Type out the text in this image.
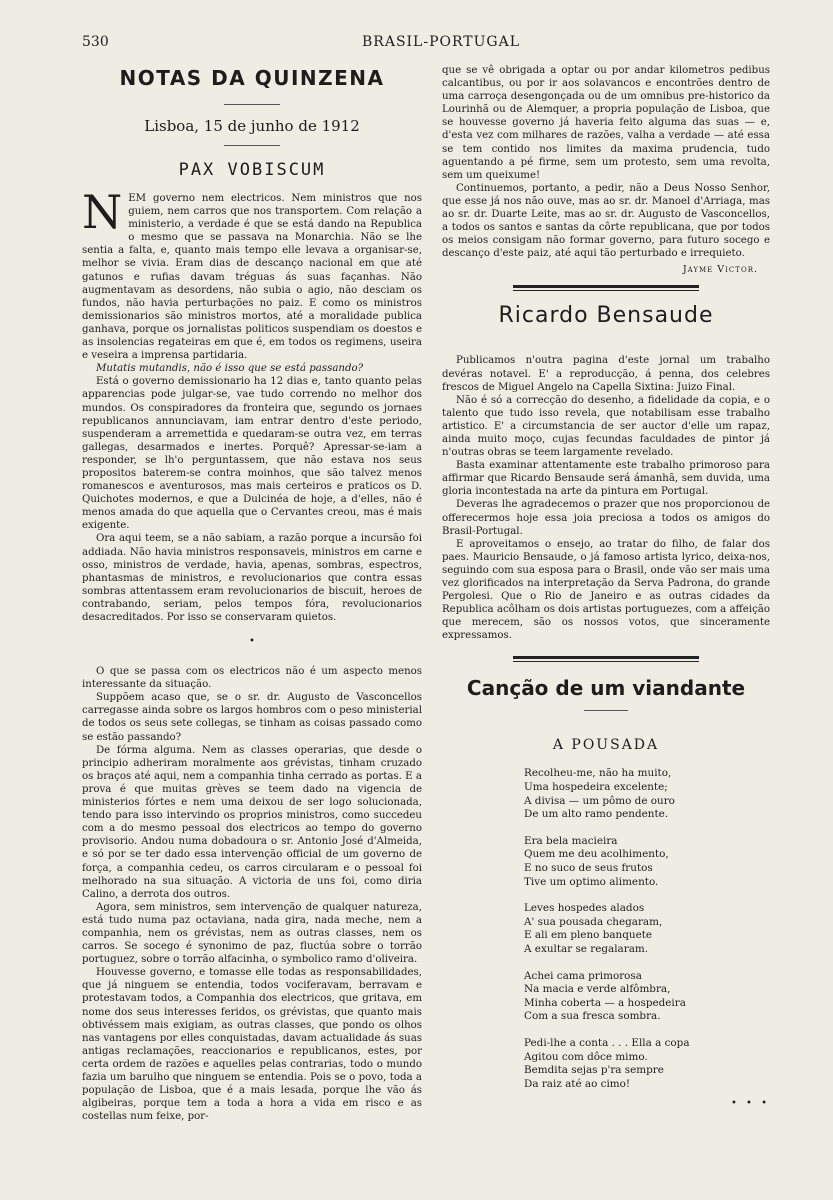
530	BRASIL-PORTUGAL
NOTAS DA QUINZENA
Lisboa, 15 de junho de 1912
PAX VOBISCUM

NEM governo nem electricos. Nem ministros que nos guiem, nem carros que nos transportem. Com relação a ministerio, a verdade é que se está dando na Republica o mesmo que se passava na Monarchia. Não se lhe sentia a falta, e, quanto mais tempo elle levava a organisar-se, melhor se vivia. Eram dias de descanço nacional em que até gatunos e rufias davam tréguas ás suas façanhas. Não augmentavam as desordens, não subia o agio, não desciam os fundos, não havia perturbações no paiz. E como os ministros demissionarios são ministros mortos, até a moralidade publica ganhava, porque os jornalistas politicos suspendiam os doestos e as insolencias regateiras em que é, em todos os regimens, useira e veseira a imprensa partidaria.

Mutatis mutandis, não é isso que se está passando?

Está o governo demissionario ha 12 dias e, tanto quanto pelas apparencias pode julgar-se, vae tudo correndo no melhor dos mundos. Os conspiradores da fronteira que, segundo os jornaes republicanos annunciavam, iam entrar dentro d'este periodo, suspenderam a arremettida e quedaram-se outra vez, em terras gallegas, desarmados e inertes. Porquê? Apressar-se-iam a responder, se lh'o perguntassem, que não estava nos seus propositos baterem-se contra moinhos, que são talvez menos romanescos e aventurosos, mas mais certeiros e praticos os D. Quichotes modernos, e que a Dulcinéa de hoje, a d'elles, não é menos amada do que aquella que o Cervantes creou, mas é mais exigente.

Ora aqui teem, se a não sabiam, a razão porque a incursão foi addiada. Não havia ministros responsaveis, ministros em carne e osso, ministros de verdade, havia, apenas, sombras, espectros, phantasmas de ministros, e revolucionarios que contra essas sombras attentassem eram revolucionarios de biscuit, heroes de contrabando, seriam, pelos tempos fóra, revolucionarios desacreditados. Por isso se conservaram quietos.

•

O que se passa com os electricos não é um aspecto menos interessante da situação.

Suppõem acaso que, se o sr. dr. Augusto de Vasconcellos carregasse ainda sobre os largos hombros com o peso ministerial de todos os seus sete collegas, se tinham as coisas passado como se estão passando?

De fórma alguma. Nem as classes operarias, que desde o principio adheriram moralmente aos grévistas, tinham cruzado os braços até aqui, nem a companhia tinha cerrado as portas. E a prova é que muitas grèves se teem dado na vigencia de ministerios fórtes e nem uma deixou de ser logo solucionada, tendo para isso intervindo os proprios ministros, como succedeu com a do mesmo pessoal dos electricos ao tempo do governo provisorio. Andou numa dobadoura o sr. Antonio José d'Almeida, e só por se ter dado essa intervenção official de um governo de força, a companhia cedeu, os carros circularam e o pessoal foi melhorado na sua situação. A victoria de uns foi, como diria Calino, a derrota dos outros.

Agora, sem ministros, sem intervenção de qualquer natureza, está tudo numa paz octaviana, nada gira, nada meche, nem a companhia, nem os grévistas, nem as outras classes, nem os carros. Se socego é synonimo de paz, fluctúa sobre o torrão portuguez, sobre o torrão alfacinha, o symbolico ramo d'oliveira.

Houvesse governo, e tomasse elle todas as responsabilidades, que já ninguem se entendia, todos vociferavam, berravam e protestavam todos, a Companhia dos electricos, que gritava, em nome dos seus interesses feridos, os grévistas, que quanto mais obtivéssem mais exigiam, as outras classes, que pondo os olhos nas vantagens por elles conquistadas, davam actualidade ás suas antigas reclamações, reaccionarios e republicanos, estes, por certa ordem de razões e aquelles pelas contrarias, todo o mundo fazia um barulho que ninguem se entendia. Pois se o povo, toda a população de Lisboa, que é a mais lesada, porque lhe vão ás algibeiras, porque tem a toda a hora a vida em risco e as costellas num feixe, por-

que se vê obrigada a optar ou por andar kilometros pedibus calcantibus, ou por ir aos solavancos e encontrões dentro de uma carroça desengonçada ou de um omnibus pre-historico da Lourinhã ou de Alemquer, a propria população de Lisboa, que se houvesse governo já haveria feito alguma das suas — e, d'esta vez com milhares de razões, valha a verdade — até essa se tem contido nos limites da maxima prudencia, tudo aguentando a pé firme, sem um protesto, sem uma revolta, sem um queixume!

Continuemos, portanto, a pedir, não a Deus Nosso Senhor, que esse já nos não ouve, mas ao sr. dr. Manoel d'Arriaga, mas ao sr. dr. Duarte Leite, mas ao sr. dr. Augusto de Vasconcellos, a todos os santos e santas da côrte republicana, que por todos os meios consigam não formar governo, para futuro socego e descanço d'este paiz, até aqui tão perturbado e irrequieto.

Jayme Victor.
Ricardo Bensaude

Publicamos n'outra pagina d'este jornal um trabalho devéras notavel. E' a reproducção, á penna, dos celebres frescos de Miguel Angelo na Capella Sixtina: Juizo Final.

Não é só a correcção do desenho, a fidelidade da copia, e o talento que tudo isso revela, que notabilisam esse trabalho artistico. E' a circumstancia de ser auctor d'elle um rapaz, ainda muito moço, cujas fecundas faculdades de pintor já n'outras obras se teem largamente revelado.

Basta examinar attentamente este trabalho primoroso para affirmar que Ricardo Bensaude será ámanhã, sem duvida, uma gloria incontestada na arte da pintura em Portugal.

Deveras lhe agradecemos o prazer que nos proporcionou de offerecermos hoje essa joia preciosa a todos os amigos do Brasil-Portugal.

E aproveitamos o ensejo, ao tratar do filho, de falar dos paes. Mauricio Bensaude, o já famoso artista lyrico, deixa-nos, seguindo com sua esposa para o Brasil, onde vão ser mais uma vez glorificados na interpretação da Serva Padrona, do grande Pergolesi. Que o Rio de Janeiro e as outras cidades da Republica acôlham os dois artistas portuguezes, com a affeição que merecem, são os nossos votos, que sinceramente expressamos.

Canção de um viandante
A POUSADA
Recolheu-me, não ha muito,
Uma hospedeira excelente;
A divisa — um pômo de ouro
De um alto ramo pendente.
Era bela macieira
Quem me deu acolhimento,
E no suco de seus frutos
Tive um optimo alimento.
Leves hospedes alados
A' sua pousada chegaram,
E ali em pleno banquete
A exultar se regalaram.
Achei cama primorosa
Na macia e verde alfômbra,
Minha coberta — a hospedeira
Com a sua fresca sombra.
Pedi-lhe a conta . . . Ella a copa
Agitou com dôce mimo.
Bemdita sejas p'ra sempre
Da raiz até ao cimo!
• • •
